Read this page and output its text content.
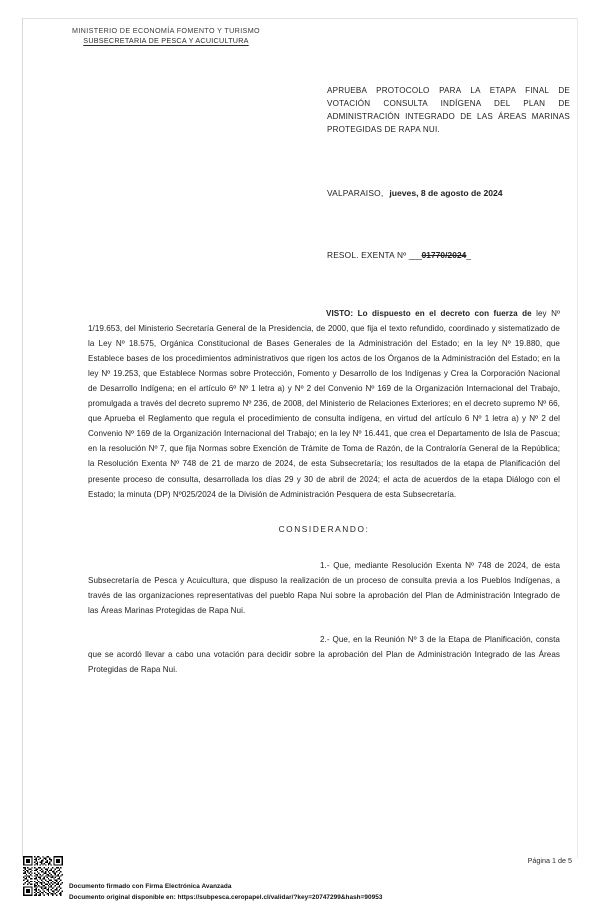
MINISTERIO DE ECONOMÍA FOMENTO Y TURISMO
SUBSECRETARIA DE PESCA Y ACUICULTURA
APRUEBA PROTOCOLO PARA LA ETAPA FINAL DE VOTACIÓN CONSULTA INDÍGENA DEL PLAN DE ADMINISTRACIÓN INTEGRADO DE LAS ÁREAS MARINAS PROTEGIDAS DE RAPA NUI.
VALPARAISO, jueves, 8 de agosto de 2024
RESOL. EXENTA Nº ___01770/2024_

VISTO: Lo dispuesto en el decreto con fuerza de ley Nº 1/19.653, del Ministerio Secretaría General de la Presidencia, de 2000, que fija el texto refundido, coordinado y sistematizado de la Ley Nº 18.575, Orgánica Constitucional de Bases Generales de la Administración del Estado; en la ley Nº 19.880, que Establece bases de los procedimientos administrativos que rigen los actos de los Órganos de la Administración del Estado; en la ley Nº 19.253, que Establece Normas sobre Protección, Fomento y Desarrollo de los Indígenas y Crea la Corporación Nacional de Desarrollo Indígena; en el artículo 6º Nº 1 letra a) y Nº 2 del Convenio Nº 169 de la Organización Internacional del Trabajo, promulgada a través del decreto supremo Nº 236, de 2008, del Ministerio de Relaciones Exteriores; en el decreto supremo Nº 66, que Aprueba el Reglamento que regula el procedimiento de consulta indígena, en virtud del artículo 6 Nº 1 letra a) y Nº 2 del Convenio Nº 169 de la Organización Internacional del Trabajo; en la ley Nº 16.441, que crea el Departamento de Isla de Pascua; en la resolución Nº 7, que fija Normas sobre Exención de Trámite de Toma de Razón, de la Contraloría General de la República; la Resolución Exenta Nº 748 de 21 de marzo de 2024, de esta Subsecretaría; los resultados de la etapa de Planificación del presente proceso de consulta, desarrollada los días 29 y 30 de abril de 2024; el acta de acuerdos de la etapa Diálogo con el Estado; la minuta (DP) Nº025/2024 de la División de Administración Pesquera de esta Subsecretaría.

CONSIDERANDO:

1.- Que, mediante Resolución Exenta Nº 748 de 2024, de esta Subsecretaría de Pesca y Acuicultura, que dispuso la realización de un proceso de consulta previa a los Pueblos Indígenas, a través de las organizaciones representativas del pueblo Rapa Nui sobre la aprobación del Plan de Administración Integrado de las Áreas Marinas Protegidas de Rapa Nui.

2.- Que, en la Reunión Nº 3 de la Etapa de Planificación, consta que se acordó llevar a cabo una votación para decidir sobre la aprobación del Plan de Administración Integrado de las Áreas Protegidas de Rapa Nui.

Página 1 de 5
Documento firmado con Firma Electrónica Avanzada
Documento original disponible en: https://subpesca.ceropapel.cl/validar/?key=20747299&hash=90953
